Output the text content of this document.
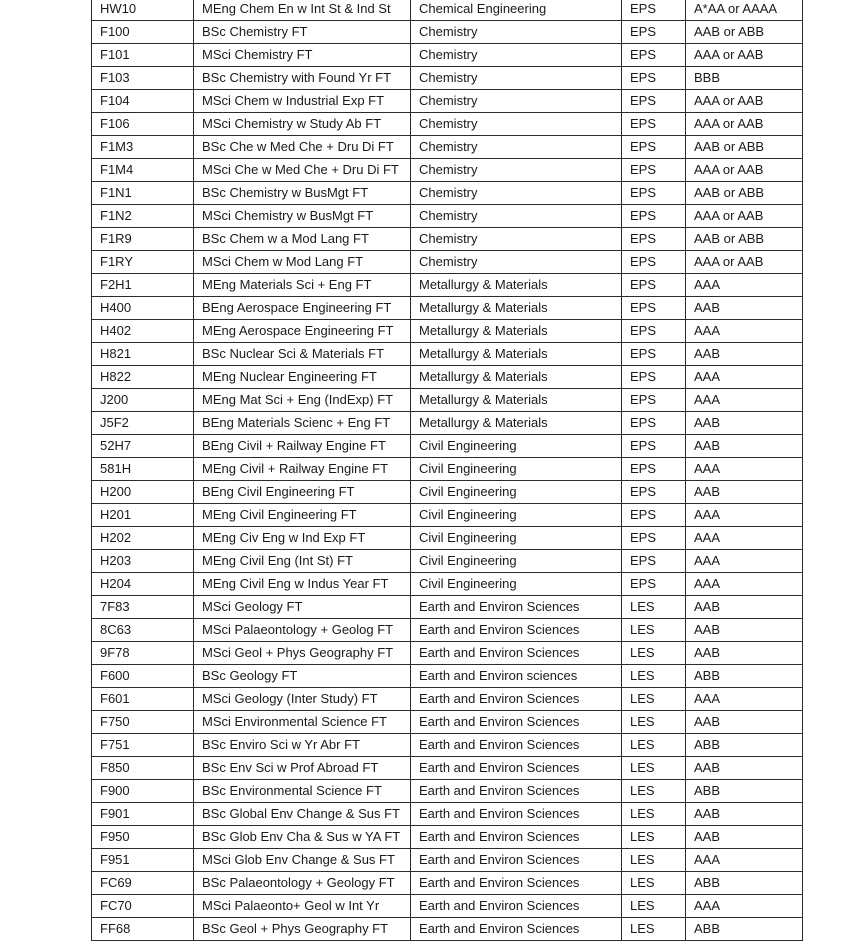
HW10	MEng Chem En w Int St & Ind St	Chemical Engineering	EPS	A*AA or AAAA
F100	BSc Chemistry FT	Chemistry	EPS	AAB or ABB
F101	MSci Chemistry FT	Chemistry	EPS	AAA or AAB
F103	BSc Chemistry with Found Yr FT	Chemistry	EPS	BBB
F104	MSci Chem w Industrial Exp FT	Chemistry	EPS	AAA or AAB
F106	MSci Chemistry w Study Ab FT	Chemistry	EPS	AAA or AAB
F1M3	BSc Che w Med Che + Dru Di FT	Chemistry	EPS	AAB or ABB
F1M4	MSci Che w Med Che + Dru Di FT	Chemistry	EPS	AAA or AAB
F1N1	BSc Chemistry w BusMgt FT	Chemistry	EPS	AAB or ABB
F1N2	MSci Chemistry w BusMgt FT	Chemistry	EPS	AAA or AAB
F1R9	BSc Chem w a Mod Lang FT	Chemistry	EPS	AAB or ABB
F1RY	MSci Chem w Mod Lang FT	Chemistry	EPS	AAA or AAB
F2H1	MEng Materials Sci + Eng FT	Metallurgy & Materials	EPS	AAA
H400	BEng Aerospace Engineering FT	Metallurgy & Materials	EPS	AAB
H402	MEng Aerospace Engineering FT	Metallurgy & Materials	EPS	AAA
H821	BSc Nuclear Sci & Materials FT	Metallurgy & Materials	EPS	AAB
H822	MEng Nuclear Engineering FT	Metallurgy & Materials	EPS	AAA
J200	MEng Mat Sci + Eng (IndExp) FT	Metallurgy & Materials	EPS	AAA
J5F2	BEng Materials Scienc + Eng FT	Metallurgy & Materials	EPS	AAB
52H7	BEng Civil + Railway Engine FT	Civil Engineering	EPS	AAB
581H	MEng Civil + Railway Engine FT	Civil Engineering	EPS	AAA
H200	BEng Civil Engineering FT	Civil Engineering	EPS	AAB
H201	MEng Civil Engineering FT	Civil Engineering	EPS	AAA
H202	MEng Civ Eng w Ind Exp FT	Civil Engineering	EPS	AAA
H203	MEng Civil Eng (Int St) FT	Civil Engineering	EPS	AAA
H204	MEng Civil Eng w Indus Year FT	Civil Engineering	EPS	AAA
7F83	MSci Geology FT	Earth and Environ Sciences	LES	AAB
8C63	MSci Palaeontology + Geolog FT	Earth and Environ Sciences	LES	AAB
9F78	MSci Geol + Phys Geography FT	Earth and Environ Sciences	LES	AAB
F600	BSc Geology FT	Earth and Environ sciences	LES	ABB
F601	MSci Geology (Inter Study) FT	Earth and Environ Sciences	LES	AAA
F750	MSci Environmental Science FT	Earth and Environ Sciences	LES	AAB
F751	BSc Enviro Sci w Yr Abr FT	Earth and Environ Sciences	LES	ABB
F850	BSc Env Sci w Prof Abroad FT	Earth and Environ Sciences	LES	AAB
F900	BSc Environmental Science FT	Earth and Environ Sciences	LES	ABB
F901	BSc Global Env Change & Sus FT	Earth and Environ Sciences	LES	AAB
F950	BSc Glob Env Cha & Sus w YA FT	Earth and Environ Sciences	LES	AAB
F951	MSci Glob Env Change & Sus FT	Earth and Environ Sciences	LES	AAA
FC69	BSc Palaeontology + Geology FT	Earth and Environ Sciences	LES	ABB
FC70	MSci Palaeonto+ Geol w Int Yr	Earth and Environ Sciences	LES	AAA
FF68	BSc Geol + Phys Geography FT	Earth and Environ Sciences	LES	ABB
